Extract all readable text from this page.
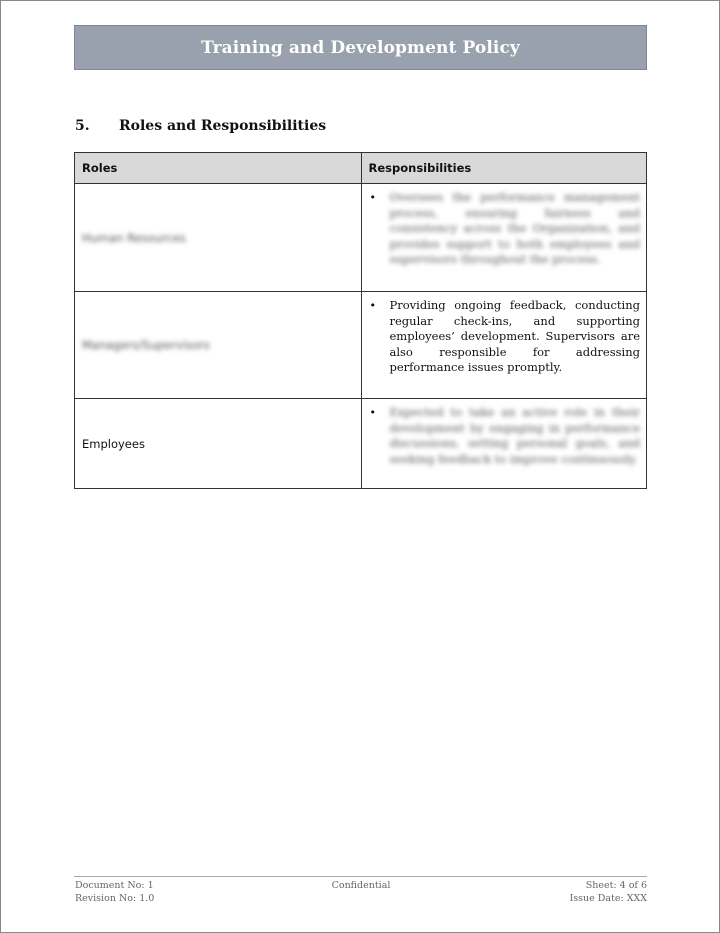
Training and Development Policy
5.	Roles and Responsibilities
Roles	Responsibilities
Human Resources	• Oversees the performance management process, ensuring fairness and consistency across the Organization, and provides support to both employees and supervisors throughout the process.

Managers/Supervisors	• Providing ongoing feedback, conducting regular check-ins, and supporting employees’ development. Supervisors are also responsible for addressing performance issues promptly.

Employees	• Expected to take an active role in their development by engaging in performance discussions, setting personal goals, and seeking feedback to improve continuously.
Document No: 1
Revision No: 1.0
Confidential	Sheet: 4 of 6
Issue Date: XXX
